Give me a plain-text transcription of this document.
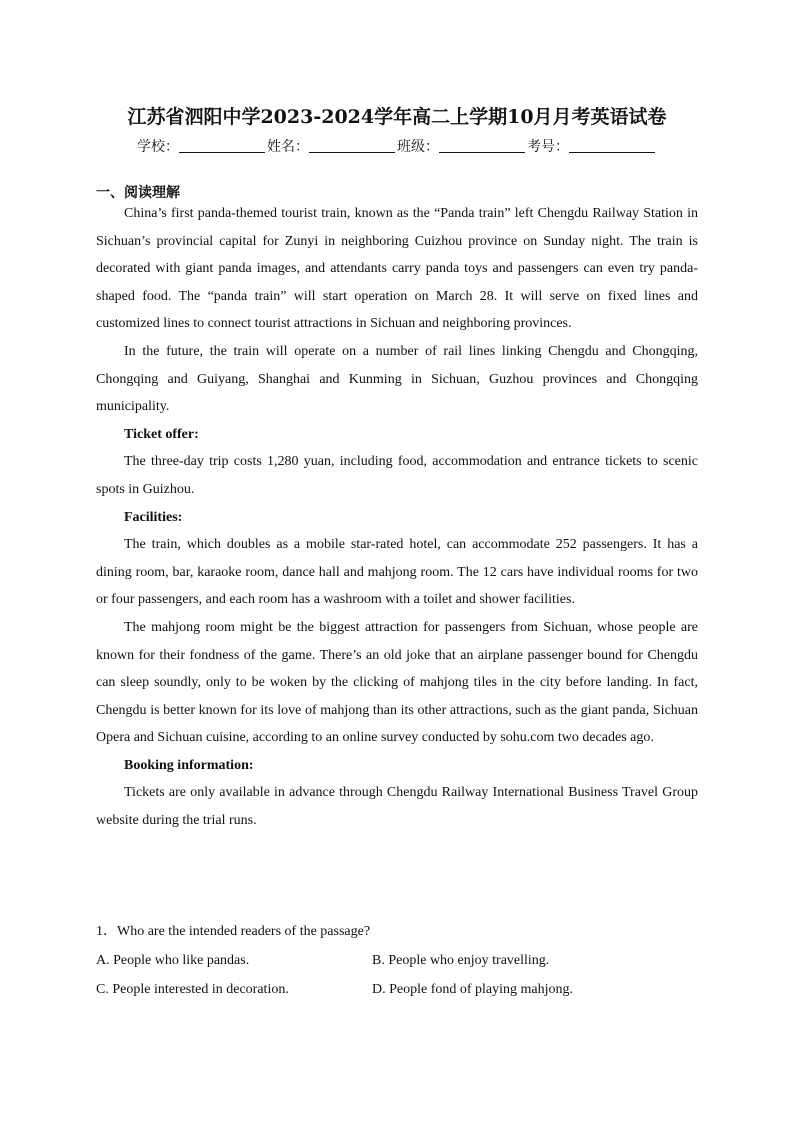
江苏省泗阳中学2023-2024学年高二上学期10月月考英语试卷
学校：	姓名：	班级：	考号：
一、阅读理解

China’s first panda-themed tourist train, known as the “Panda train” left Chengdu Railway Station in Sichuan’s provincial capital for Zunyi in neighboring Cuizhou province on Sunday night. The train is decorated with giant panda images, and attendants carry panda toys and passengers can even try panda-shaped food. The “panda train” will start operation on March 28. It will serve on fixed lines and customized lines to connect tourist attractions in Sichuan and neighboring provinces.

In the future, the train will operate on a number of rail lines linking Chengdu and Chongqing, Chongqing and Guiyang, Shanghai and Kunming in Sichuan, Guzhou provinces and Chongqing municipality.

Ticket offer:

The three-day trip costs 1,280 yuan, including food, accommodation and entrance tickets to scenic spots in Guizhou.

Facilities:

The train, which doubles as a mobile star-rated hotel, can accommodate 252 passengers. It has a dining room, bar, karaoke room, dance hall and mahjong room. The 12 cars have individual rooms for two or four passengers, and each room has a washroom with a toilet and shower facilities.

The mahjong room might be the biggest attraction for passengers from Sichuan, whose people are known for their fondness of the game. There’s an old joke that an airplane passenger bound for Chengdu can sleep soundly, only to be woken by the clicking of mahjong tiles in the city before landing. In fact, Chengdu is better known for its love of mahjong than its other attractions, such as the giant panda, Sichuan Opera and Sichuan cuisine, according to an online survey conducted by sohu.com two decades ago.

Booking information:

Tickets are only available in advance through Chengdu Railway International Business Travel Group website during the trial runs.

1．Who are the intended readers of the passage?

A. People who like pandas.	B. People who enjoy travelling.
C. People interested in decoration.	D. People fond of playing mahjong.
